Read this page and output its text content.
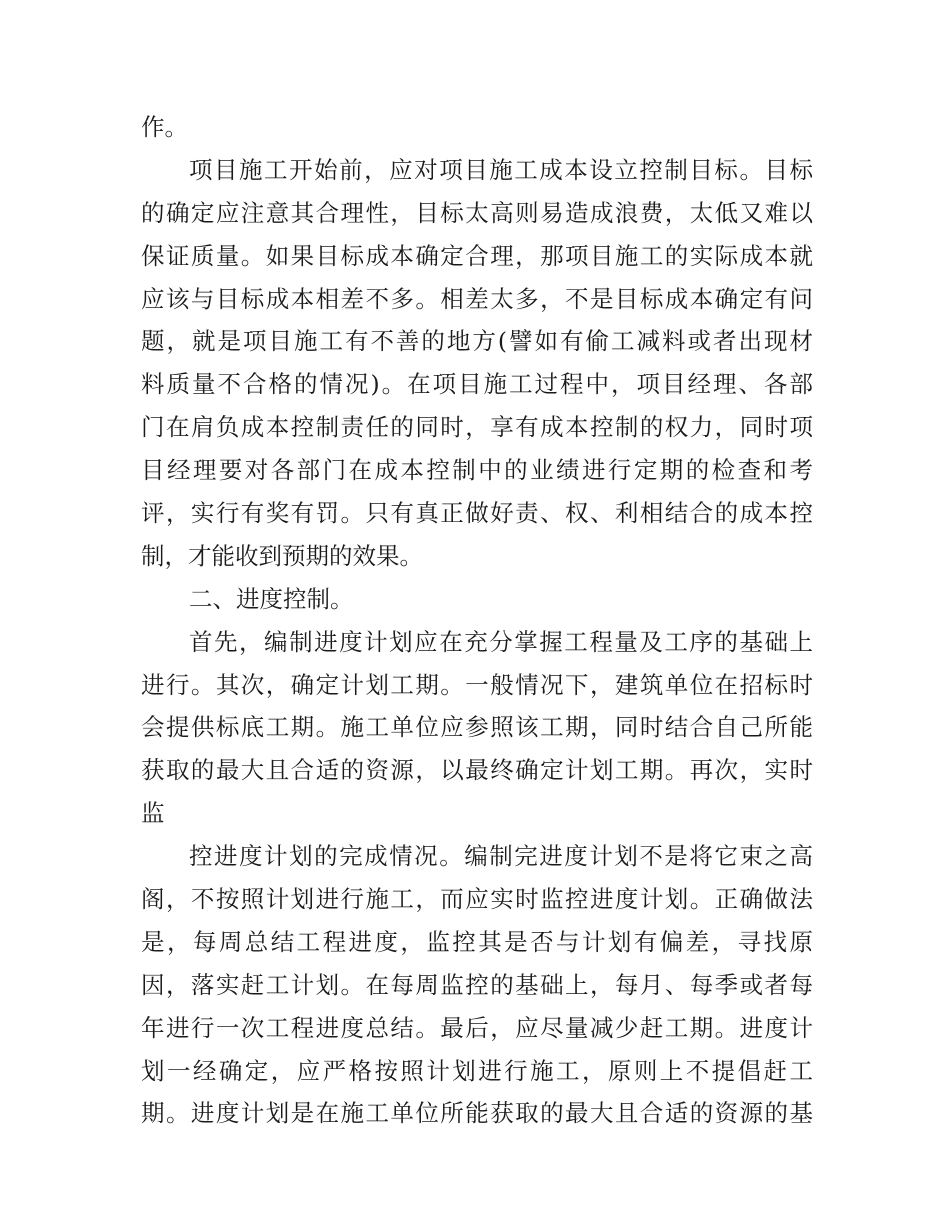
作。
项目施工开始前，应对项目施工成本设立控制目标。目标
的确定应注意其合理性，目标太高则易造成浪费，太低又难以
保证质量。如果目标成本确定合理，那项目施工的实际成本就
应该与目标成本相差不多。相差太多，不是目标成本确定有问
题，就是项目施工有不善的地方(譬如有偷工减料或者出现材
料质量不合格的情况)。在项目施工过程中，项目经理、各部
门在肩负成本控制责任的同时，享有成本控制的权力，同时项
目经理要对各部门在成本控制中的业绩进行定期的检查和考
评，实行有奖有罚。只有真正做好责、权、利相结合的成本控
制，才能收到预期的效果。
二、进度控制。
首先，编制进度计划应在充分掌握工程量及工序的基础上
进行。其次，确定计划工期。一般情况下，建筑单位在招标时
会提供标底工期。施工单位应参照该工期，同时结合自己所能
获取的最大且合适的资源，以最终确定计划工期。再次，实时
监
控进度计划的完成情况。编制完进度计划不是将它束之高
阁，不按照计划进行施工，而应实时监控进度计划。正确做法
是，每周总结工程进度，监控其是否与计划有偏差，寻找原
因，落实赶工计划。在每周监控的基础上，每月、每季或者每
年进行一次工程进度总结。最后，应尽量减少赶工期。进度计
划一经确定，应严格按照计划进行施工，原则上不提倡赶工
期。进度计划是在施工单位所能获取的最大且合适的资源的基
